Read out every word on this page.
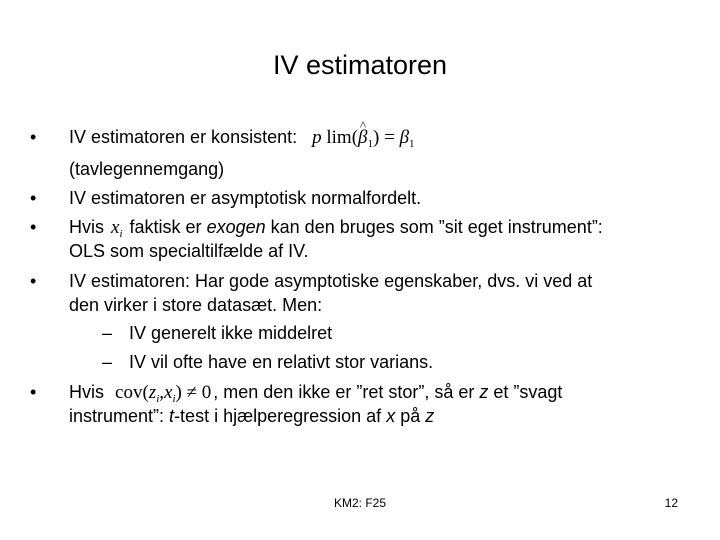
IV estimatoren
• IV estimatoren er konsistent: p lim(^ $\beta_1) = \beta_1$
(tavlegennemgang)
• IV estimatoren er asymptotisk normalfordelt.
• Hvis $x_i$ faktisk er exogen kan den bruges som ”sit eget instrument”:
OLS som specialtilfælde af IV.
• IV estimatoren: Har gode asymptotiske egenskaber, dvs. vi ved at
den virker i store datasæt. Men:
– IV generelt ikke middelret
– IV vil ofte have en relativt stor varians.
• Hvis $cov(z_i,x_i) \ne 0$ , men den ikke er ”ret stor”, så er z et ”svagt
instrument”: t-test i hjælperegression af x på z
KM2: F25	12
